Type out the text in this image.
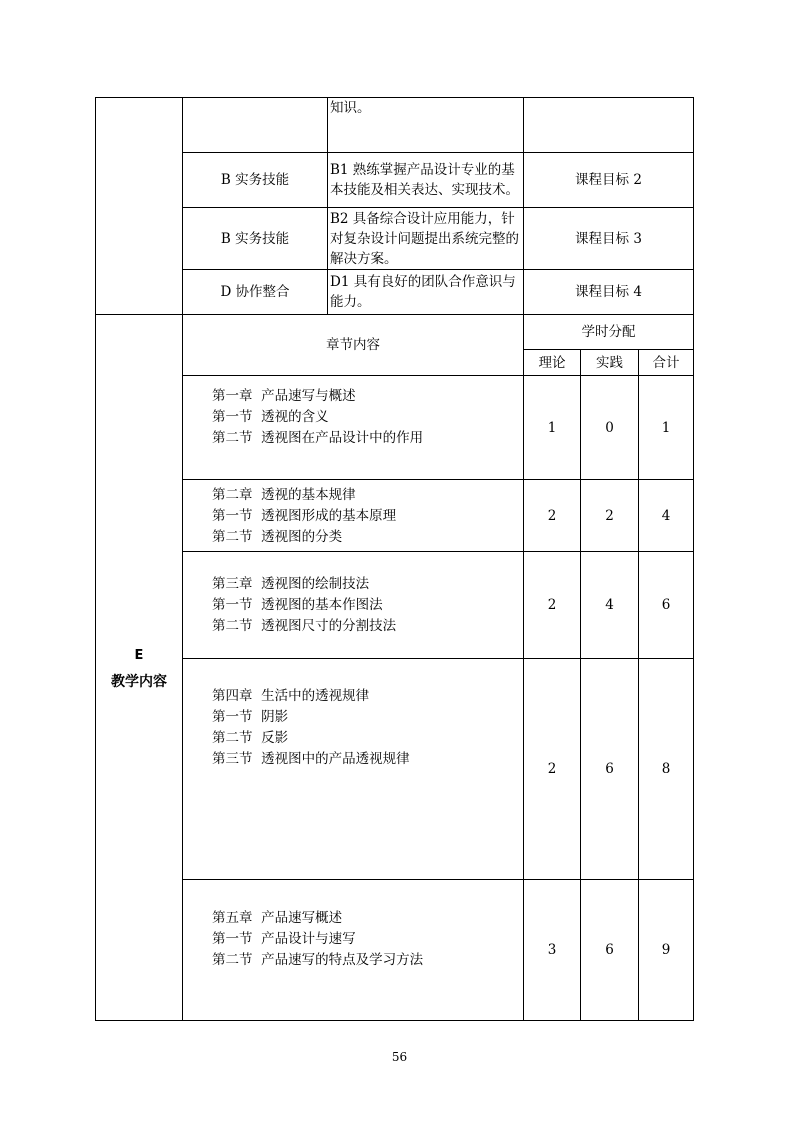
知识。
B 实务技能
B1 熟练掌握产品设计专业的基本技能及相关表达、实现技术。
课程目标 2
B 实务技能
B2 具备综合设计应用能力，针对复杂设计问题提出系统完整的解决方案。
课程目标 3
D 协作整合
D1 具有良好的团队合作意识与能力。
课程目标 4
E
教学内容
章节内容
学时分配
理论	实践	合计
第一章  产品速写与概述
第一节  透视的含义
第二节  透视图在产品设计中的作用
1	0	1
第二章  透视的基本规律
第一节  透视图形成的基本原理
第二节  透视图的分类
2	2	4
第三章  透视图的绘制技法
第一节  透视图的基本作图法
第二节  透视图尺寸的分割技法
2	4	6
第四章  生活中的透视规律
第一节  阴影
第二节  反影
第三节  透视图中的产品透视规律
2	6	8
第五章  产品速写概述
第一节  产品设计与速写
第二节  产品速写的特点及学习方法
3	6	9
56
